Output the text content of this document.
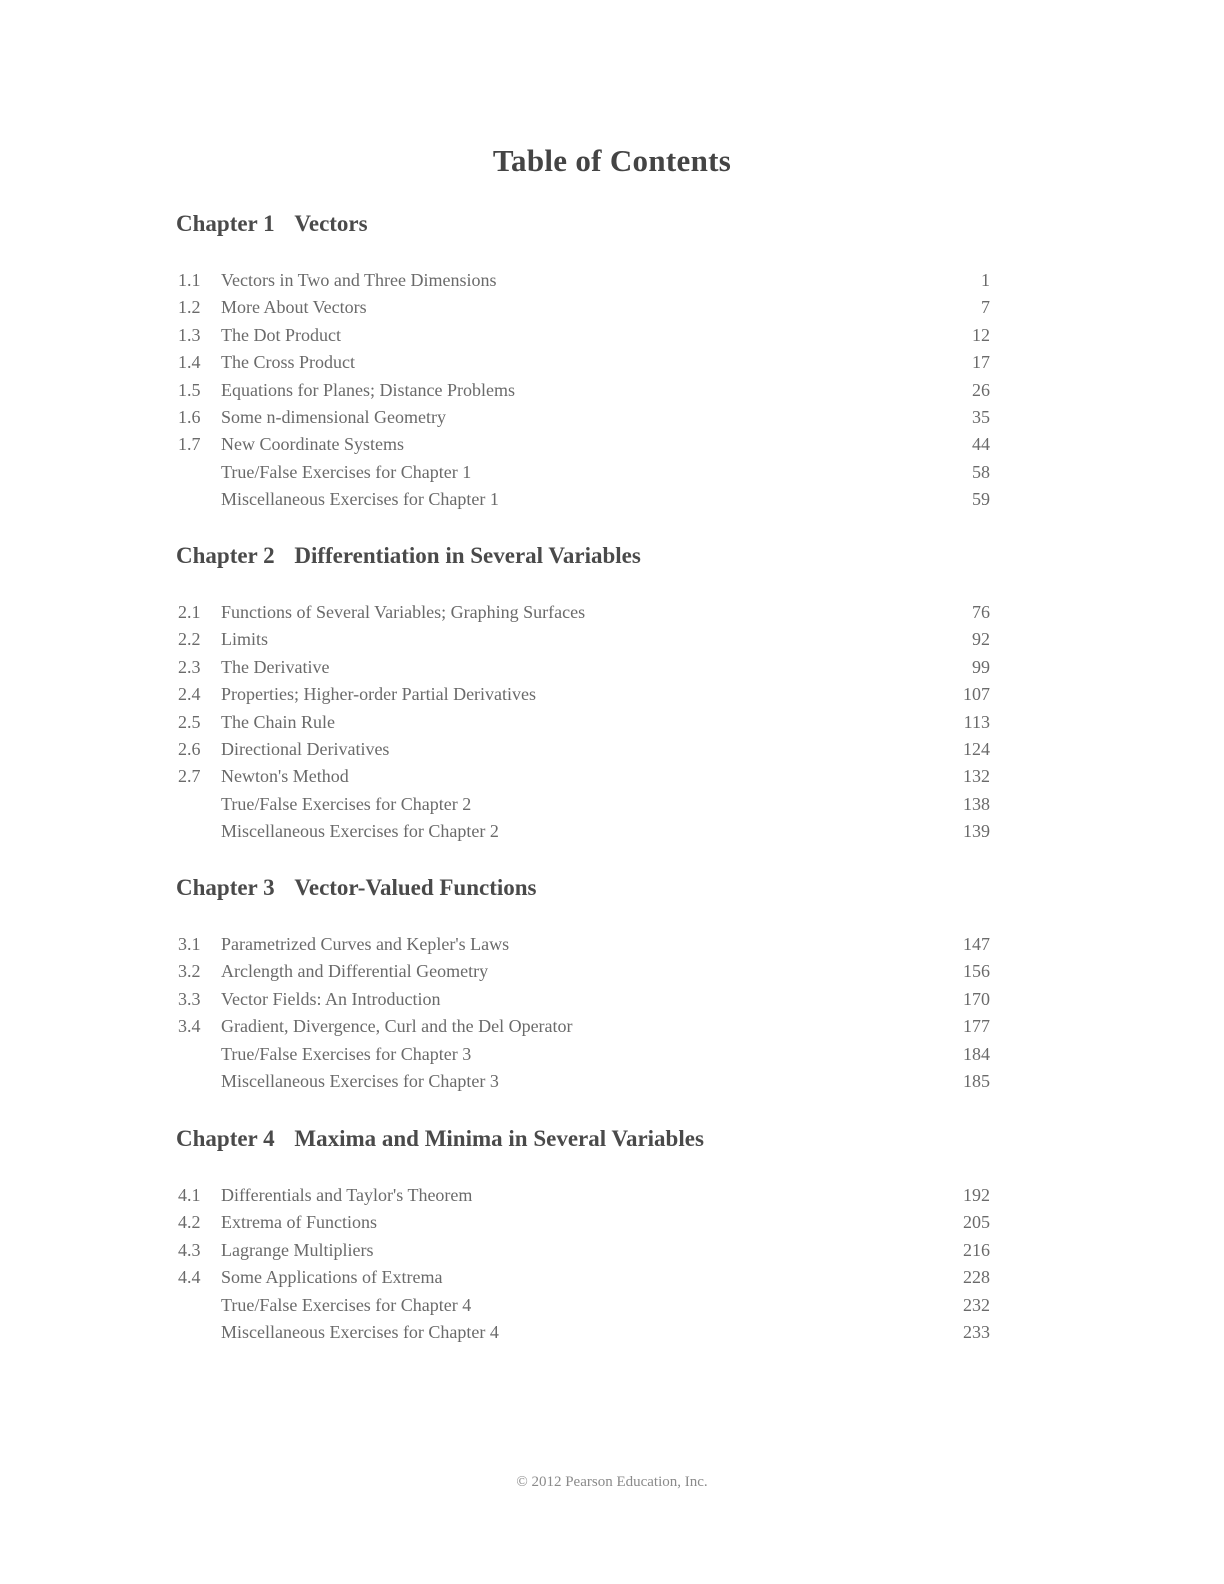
Table of Contents
Chapter 1 Vectors
1.1	Vectors in Two and Three Dimensions	1
1.2	More About Vectors	7
1.3	The Dot Product	12
1.4	The Cross Product	17
1.5	Equations for Planes; Distance Problems	26
1.6	Some n-dimensional Geometry	35
1.7	New Coordinate Systems	44
True/False Exercises for Chapter 1	58
Miscellaneous Exercises for Chapter 1	59
Chapter 2 Differentiation in Several Variables
2.1	Functions of Several Variables; Graphing Surfaces	76
2.2	Limits	92
2.3	The Derivative	99
2.4	Properties; Higher-order Partial Derivatives	107
2.5	The Chain Rule	113
2.6	Directional Derivatives	124
2.7	Newton's Method	132
True/False Exercises for Chapter 2	138
Miscellaneous Exercises for Chapter 2	139
Chapter 3 Vector-Valued Functions
3.1	Parametrized Curves and Kepler's Laws	147
3.2	Arclength and Differential Geometry	156
3.3	Vector Fields: An Introduction	170
3.4	Gradient, Divergence, Curl and the Del Operator	177
True/False Exercises for Chapter 3	184
Miscellaneous Exercises for Chapter 3	185
Chapter 4 Maxima and Minima in Several Variables
4.1	Differentials and Taylor's Theorem	192
4.2	Extrema of Functions	205
4.3	Lagrange Multipliers	216
4.4	Some Applications of Extrema	228
True/False Exercises for Chapter 4	232
Miscellaneous Exercises for Chapter 4	233
© 2012 Pearson Education, Inc.
